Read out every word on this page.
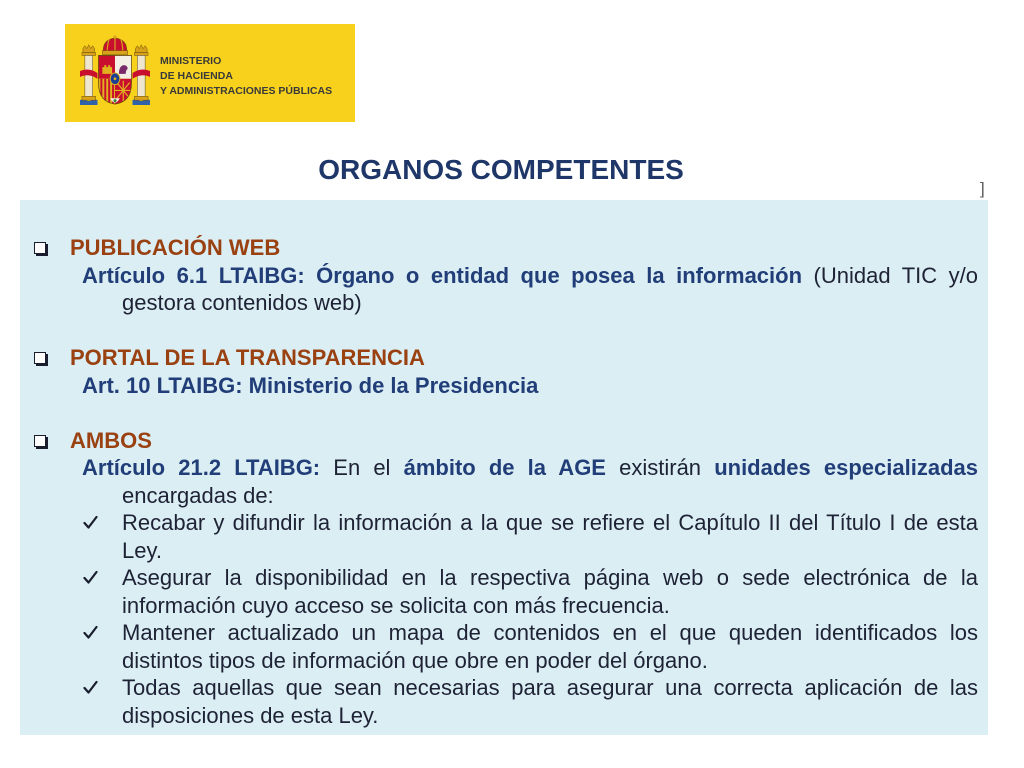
MINISTERIO
DE HACIENDA
Y ADMINISTRACIONES PÚBLICAS
ORGANOS COMPETENTES
]
PUBLICACIÓN WEB

Artículo 6.1 LTAIBG: Órgano o entidad que posea la información (Unidad TIC y/o gestora contenidos web)

PORTAL DE LA TRANSPARENCIA

Art. 10 LTAIBG: Ministerio de la Presidencia

AMBOS

Artículo 21.2 LTAIBG: En el ámbito de la AGE existirán unidades especializadas encargadas de:

Recabar y difundir la información a la que se refiere el Capítulo II del Título I de esta Ley.
Asegurar la disponibilidad en la respectiva página web o sede electrónica de la información cuyo acceso se solicita con más frecuencia.
Mantener actualizado un mapa de contenidos en el que queden identificados los distintos tipos de información que obre en poder del órgano.
Todas aquellas que sean necesarias para asegurar una correcta aplicación de las disposiciones de esta Ley.
